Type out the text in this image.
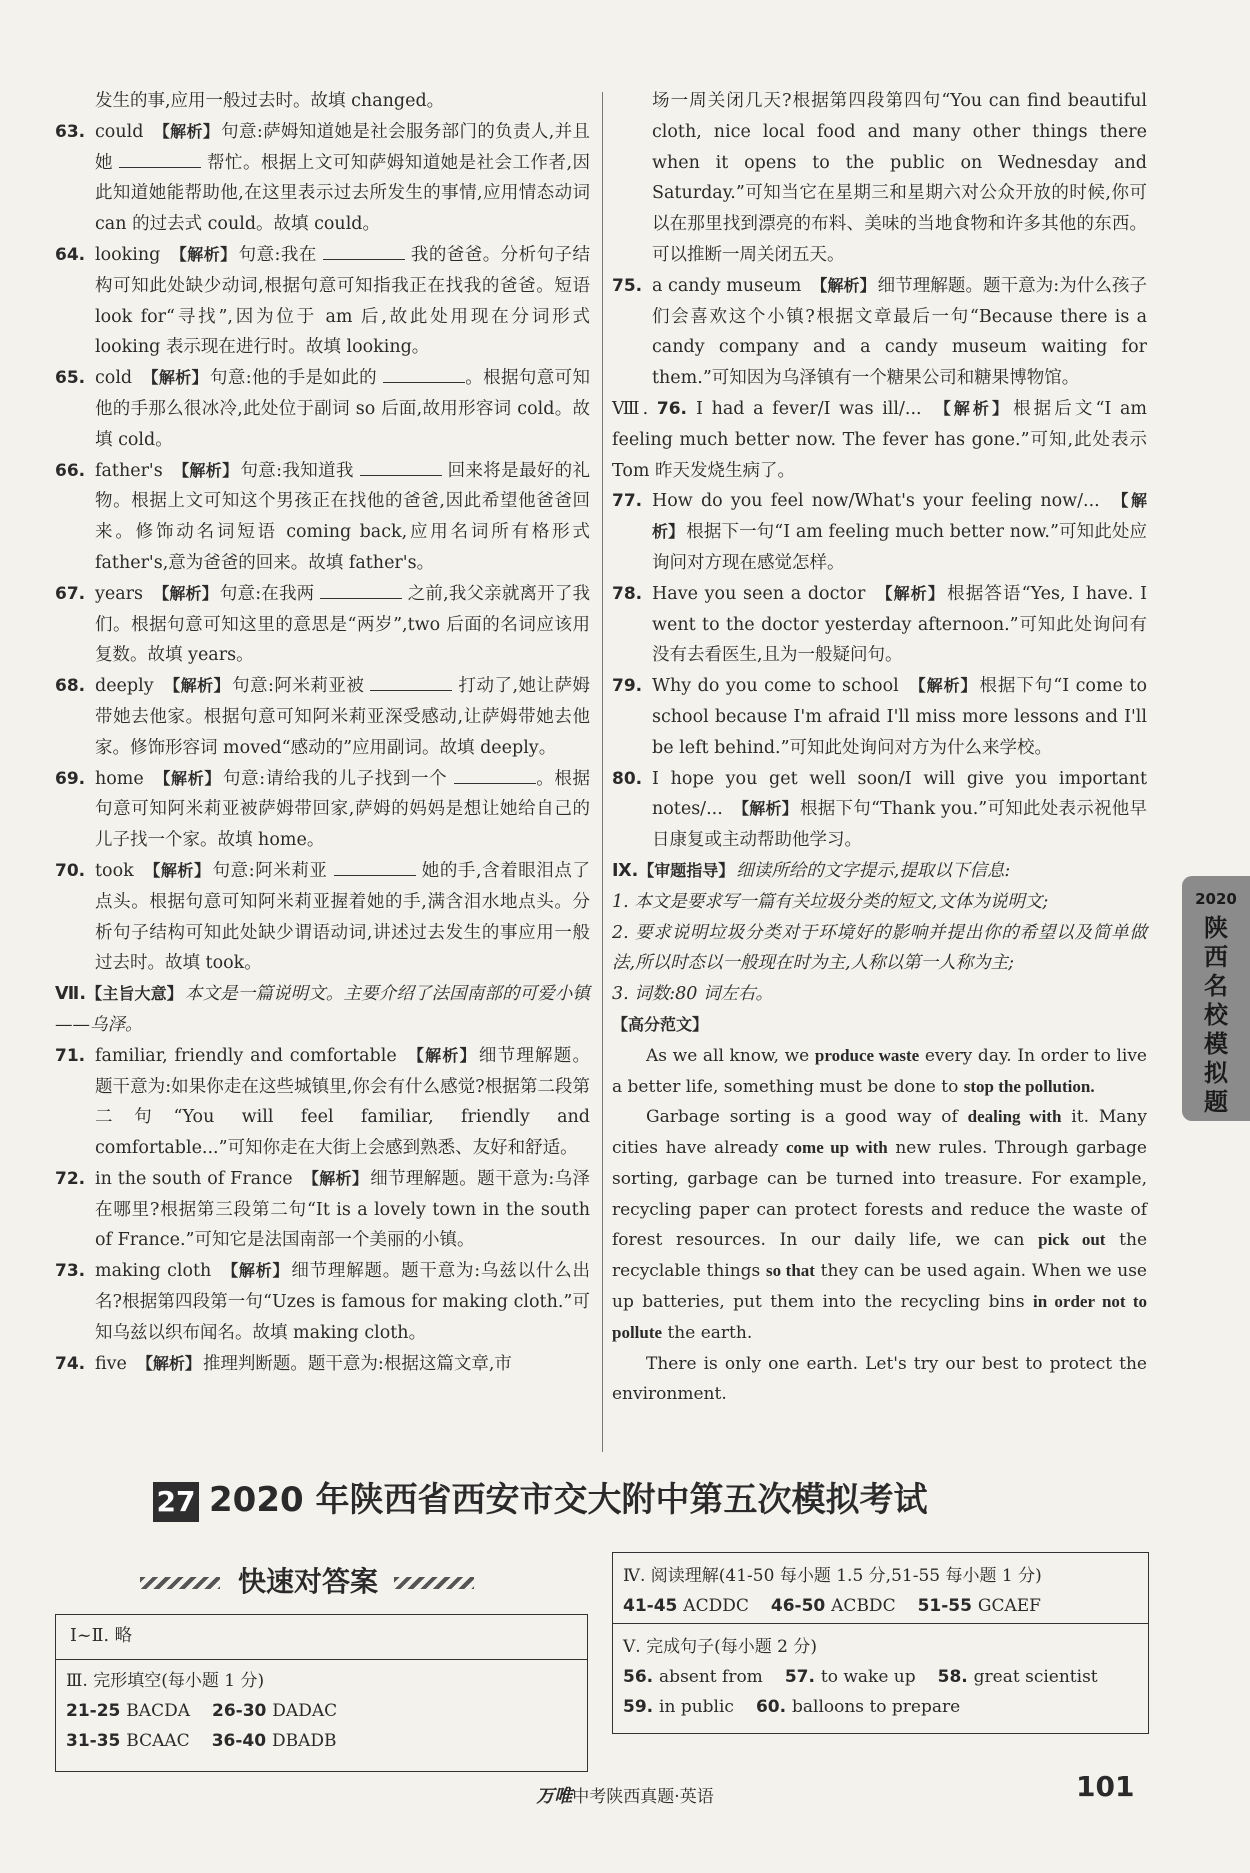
发生的事,应用一般过去时。故填 changed。

63. could 【解析】 句意:萨姆知道她是社会服务部门的负责人,并且她	帮忙。根据上文可知萨姆知道她是社会工作者,因此知道她能帮助他,在这里表示过去所发生的事情,应用情态动词 can 的过去式 could。故填 could。

64. looking 【解析】 句意:我在	我的爸爸。分析句子结构可知此处缺少动词,根据句意可知指我正在找我的爸爸。短语 look for“寻找”,因为位于 am 后,故此处用现在分词形式 looking 表示现在进行时。故填 looking。

65. cold 【解析】 句意:他的手是如此的	。根据句意可知他的手那么很冰冷,此处位于副词 so 后面,故用形容词 cold。故填 cold。

66. father's 【解析】 句意:我知道我	回来将是最好的礼物。根据上文可知这个男孩正在找他的爸爸,因此希望他爸爸回来。修饰动名词短语 coming back,应用名词所有格形式 father's,意为爸爸的回来。故填 father's。

67. years 【解析】 句意:在我两	之前,我父亲就离开了我们。根据句意可知这里的意思是“两岁”,two 后面的名词应该用复数。故填 years。

68. deeply 【解析】 句意:阿米莉亚被	打动了,她让萨姆带她去他家。根据句意可知阿米莉亚深受感动,让萨姆带她去他家。修饰形容词 moved“感动的”应用副词。故填 deeply。

69. home 【解析】 句意:请给我的儿子找到一个	。根据句意可知阿米莉亚被萨姆带回家,萨姆的妈妈是想让她给自己的儿子找一个家。故填 home。

70. took 【解析】 句意:阿米莉亚	她的手,含着眼泪点了点头。根据句意可知阿米莉亚握着她的手,满含泪水地点头。分析句子结构可知此处缺少谓语动词,讲述过去发生的事应用一般过去时。故填 took。

Ⅶ.【主旨大意】 本文是一篇说明文。主要介绍了法国南部的可爱小镇——乌泽。

71. familiar, friendly and comfortable 【解析】 细节理解题。题干意为:如果你走在这些城镇里,你会有什么感觉?根据第二段第二句“You will feel familiar, friendly and comfortable...”可知你走在大街上会感到熟悉、友好和舒适。

72. in the south of France 【解析】 细节理解题。题干意为:乌泽在哪里?根据第三段第二句“It is a lovely town in the south of France.”可知它是法国南部一个美丽的小镇。

73. making cloth 【解析】 细节理解题。题干意为:乌兹以什么出名?根据第四段第一句“Uzes is famous for making cloth.”可知乌兹以织布闻名。故填 making cloth。

74. five 【解析】 推理判断题。题干意为:根据这篇文章,市

场一周关闭几天?根据第四段第四句“You can find beautiful cloth, nice local food and many other things there when it opens to the public on Wednesday and Saturday.”可知当它在星期三和星期六对公众开放的时候,你可以在那里找到漂亮的布料、美味的当地食物和许多其他的东西。可以推断一周关闭五天。

75. a candy museum 【解析】 细节理解题。题干意为:为什么孩子们会喜欢这个小镇?根据文章最后一句“Because there is a candy company and a candy museum waiting for them.”可知因为乌泽镇有一个糖果公司和糖果博物馆。

Ⅷ. 76. I had a fever/I was ill/... 【解析】 根据后文“I am feeling much better now. The fever has gone.”可知,此处表示 Tom 昨天发烧生病了。

77. How do you feel now/What's your feeling now/... 【解析】 根据下一句“I am feeling much better now.”可知此处应询问对方现在感觉怎样。

78. Have you seen a doctor 【解析】 根据答语“Yes, I have. I went to the doctor yesterday afternoon.”可知此处询问有没有去看医生,且为一般疑问句。

79. Why do you come to school 【解析】 根据下句“I come to school because I'm afraid I'll miss more lessons and I'll be left behind.”可知此处询问对方为什么来学校。

80. I hope you get well soon/I will give you important notes/... 【解析】 根据下句“Thank you.”可知此处表示祝他早日康复或主动帮助他学习。

Ⅸ.【审题指导】 细读所给的文字提示,提取以下信息:

1. 本文是要求写一篇有关垃圾分类的短文,文体为说明文;

2. 要求说明垃圾分类对于环境好的影响并提出你的希望以及简单做法,所以时态以一般现在时为主,人称以第一人称为主;

3. 词数:80 词左右。

【高分范文】

As we all know, we produce waste every day. In order to live a better life, something must be done to stop the pollution.

Garbage sorting is a good way of dealing with it. Many cities have already come up with new rules. Through garbage sorting, garbage can be turned into treasure. For example, recycling paper can protect forests and reduce the waste of forest resources. In our daily life, we can pick out the recyclable things so that they can be used again. When we use up batteries, put them into the recycling bins in order not to pollute the earth.

There is only one earth. Let's try our best to protect the environment.

2020
陕西名校模拟题
27 2020 年陕西省西安市交大附中第五次模拟考试
快速对答案
Ⅰ~Ⅱ. 略
Ⅲ. 完形填空(每小题 1 分)
21-25 BACDA 26-30 DADAC
31-35 BCAAC 36-40 DBADB
Ⅳ. 阅读理解(41-50 每小题 1.5 分,51-55 每小题 1 分)
41-45 ACDDC 46-50 ACBDC 51-55 GCAEF
Ⅴ. 完成句子(每小题 2 分)
56. absent from 57. to wake up 58. great scientist
59. in public 60. balloons to prepare
万唯中考陕西真题·英语	101
